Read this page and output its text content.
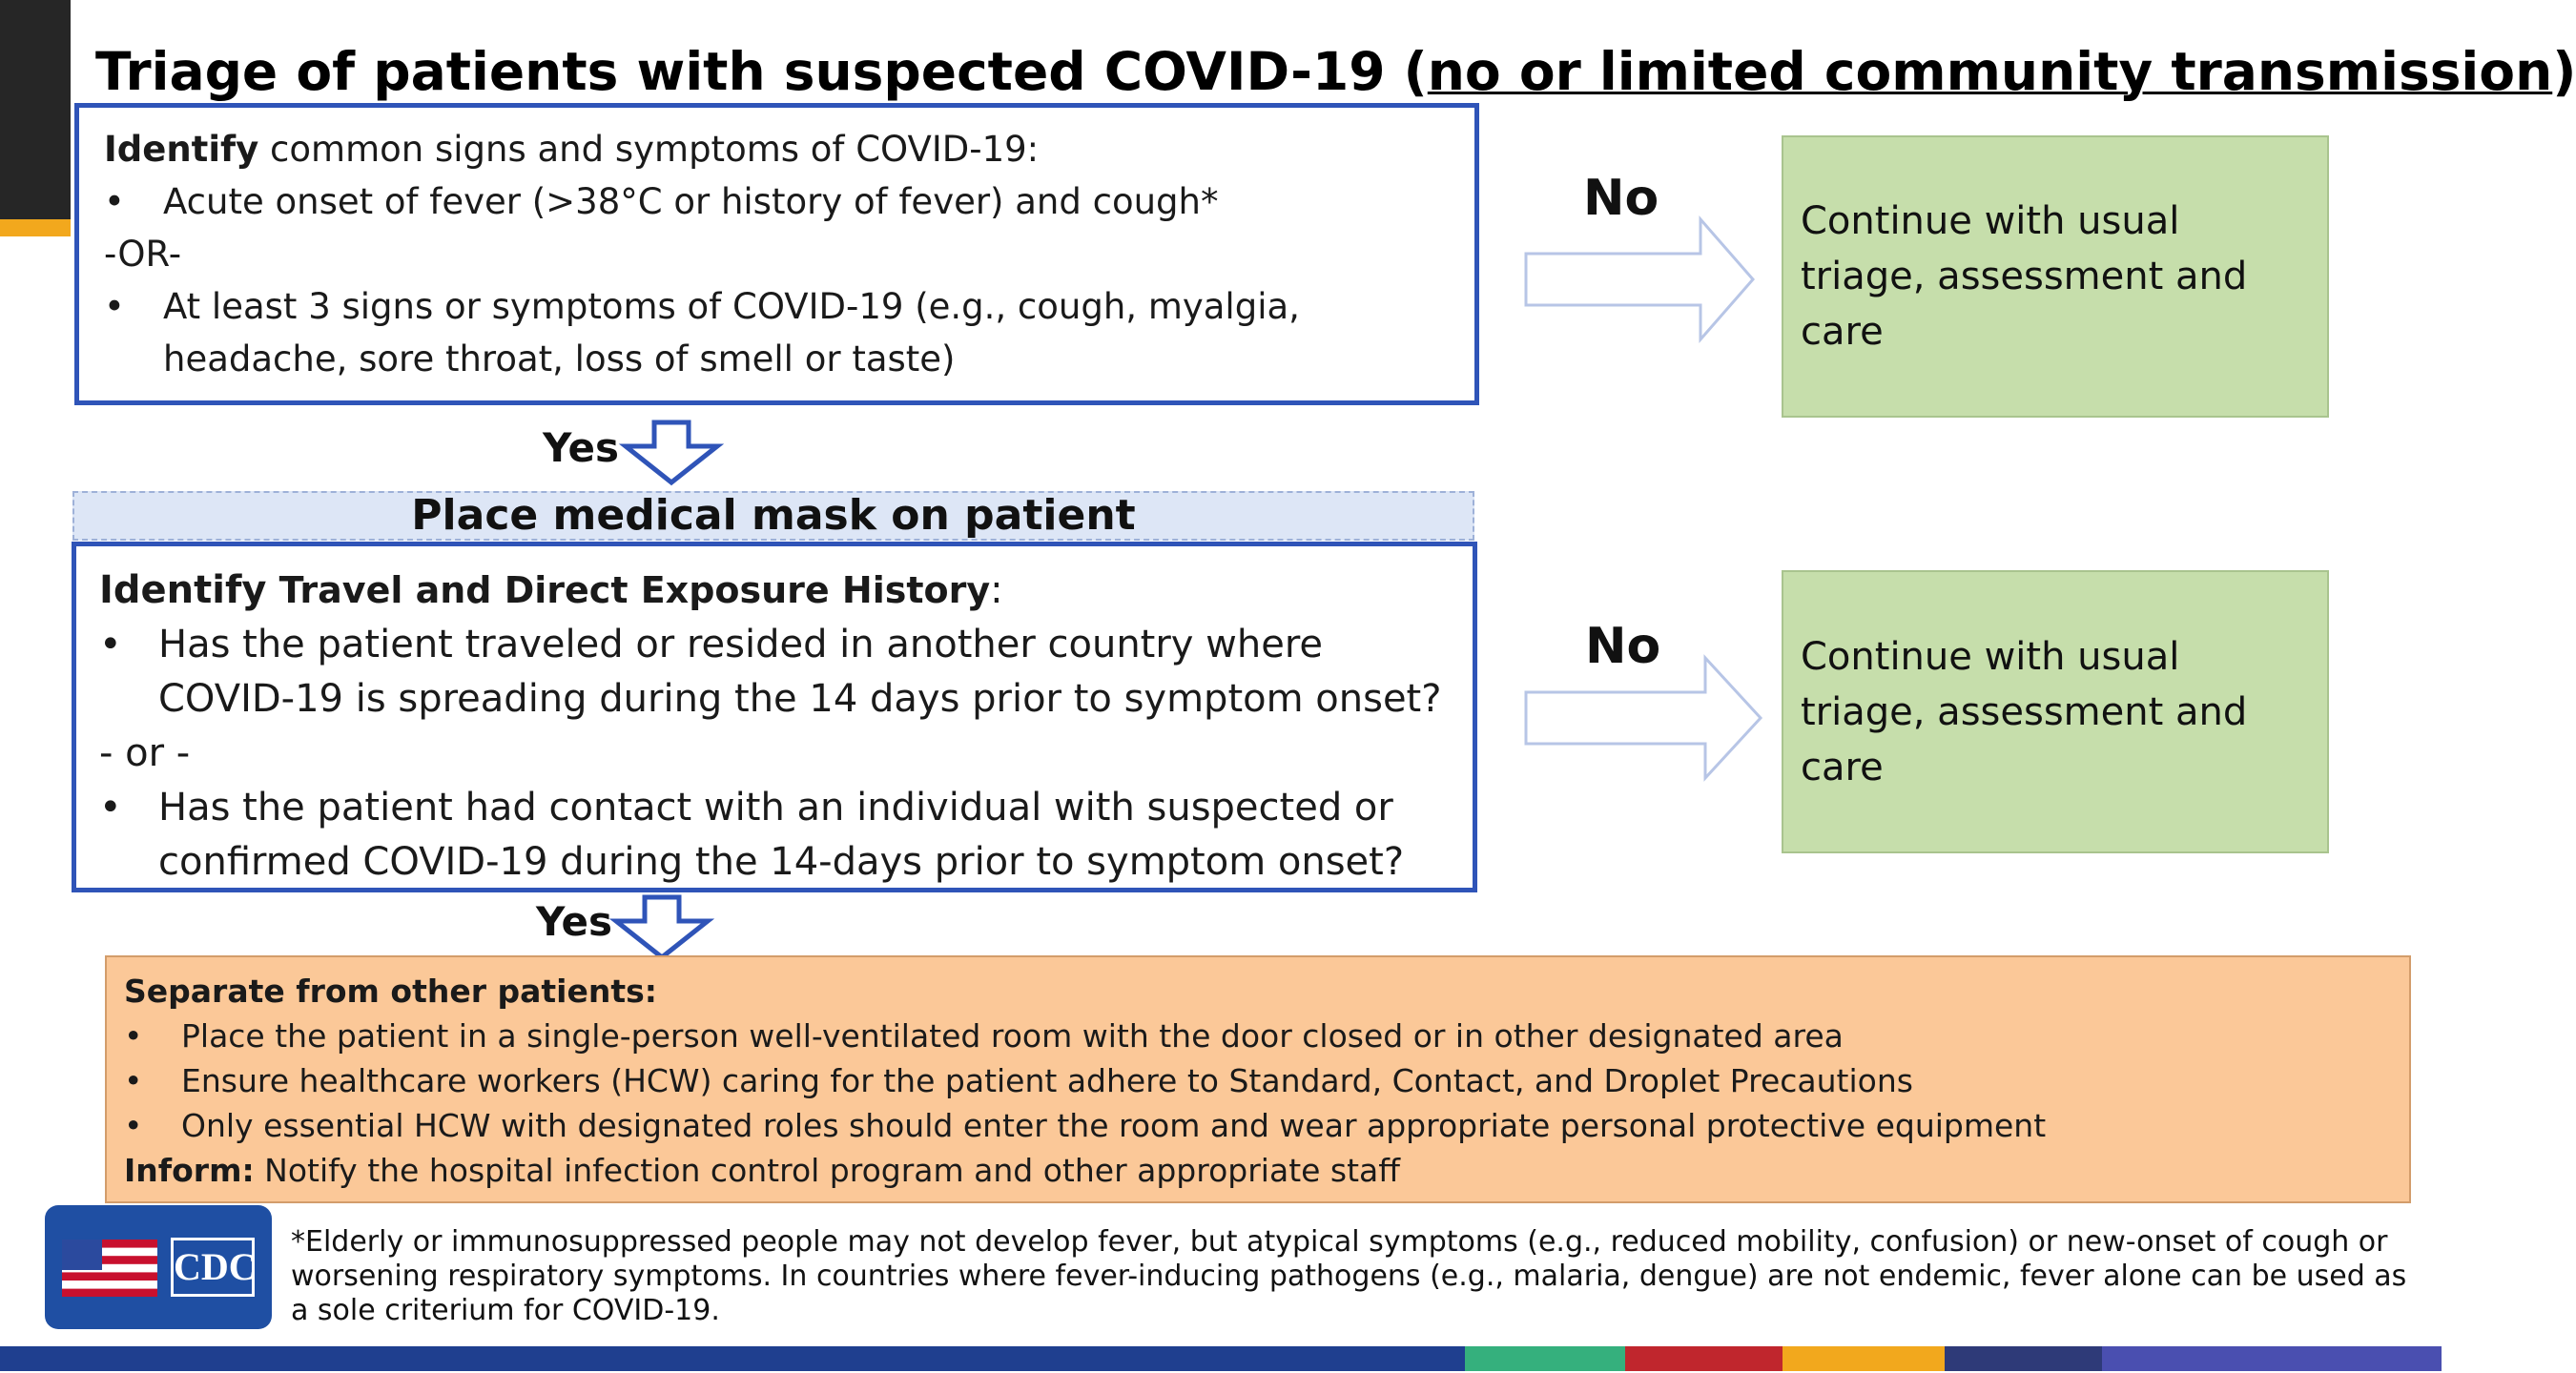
Triage of patients with suspected COVID-19 (no or limited community transmission)
Identify common signs and symptoms of COVID-19:
• Acute onset of fever (>38°C or history of fever) and cough*
-OR-
• At least 3 signs or symptoms of COVID-19 (e.g., cough, myalgia, headache, sore throat, loss of smell or taste)
No	Continue with usual triage, assessment and care
Yes
Place medical mask on patient
Identify Travel and Direct Exposure History:
• Has the patient traveled or resided in another country where COVID-19 is spreading during the 14 days prior to symptom onset?
- or -
• Has the patient had contact with an individual with suspected or confirmed COVID-19 during the 14-days prior to symptom onset?
No	Continue with usual triage, assessment and care
Yes
Separate from other patients:
• Place the patient in a single-person well-ventilated room with the door closed or in other designated area
• Ensure healthcare workers (HCW) caring for the patient adhere to Standard, Contact, and Droplet Precautions
• Only essential HCW with designated roles should enter the room and wear appropriate personal protective equipment
Inform: Notify the hospital infection control program and other appropriate staff
CDC
*Elderly or immunosuppressed people may not develop fever, but atypical symptoms (e.g., reduced mobility, confusion) or new-onset of cough or worsening respiratory symptoms. In countries where fever-inducing pathogens (e.g., malaria, dengue) are not endemic, fever alone can be used as a sole criterium for COVID-19.
